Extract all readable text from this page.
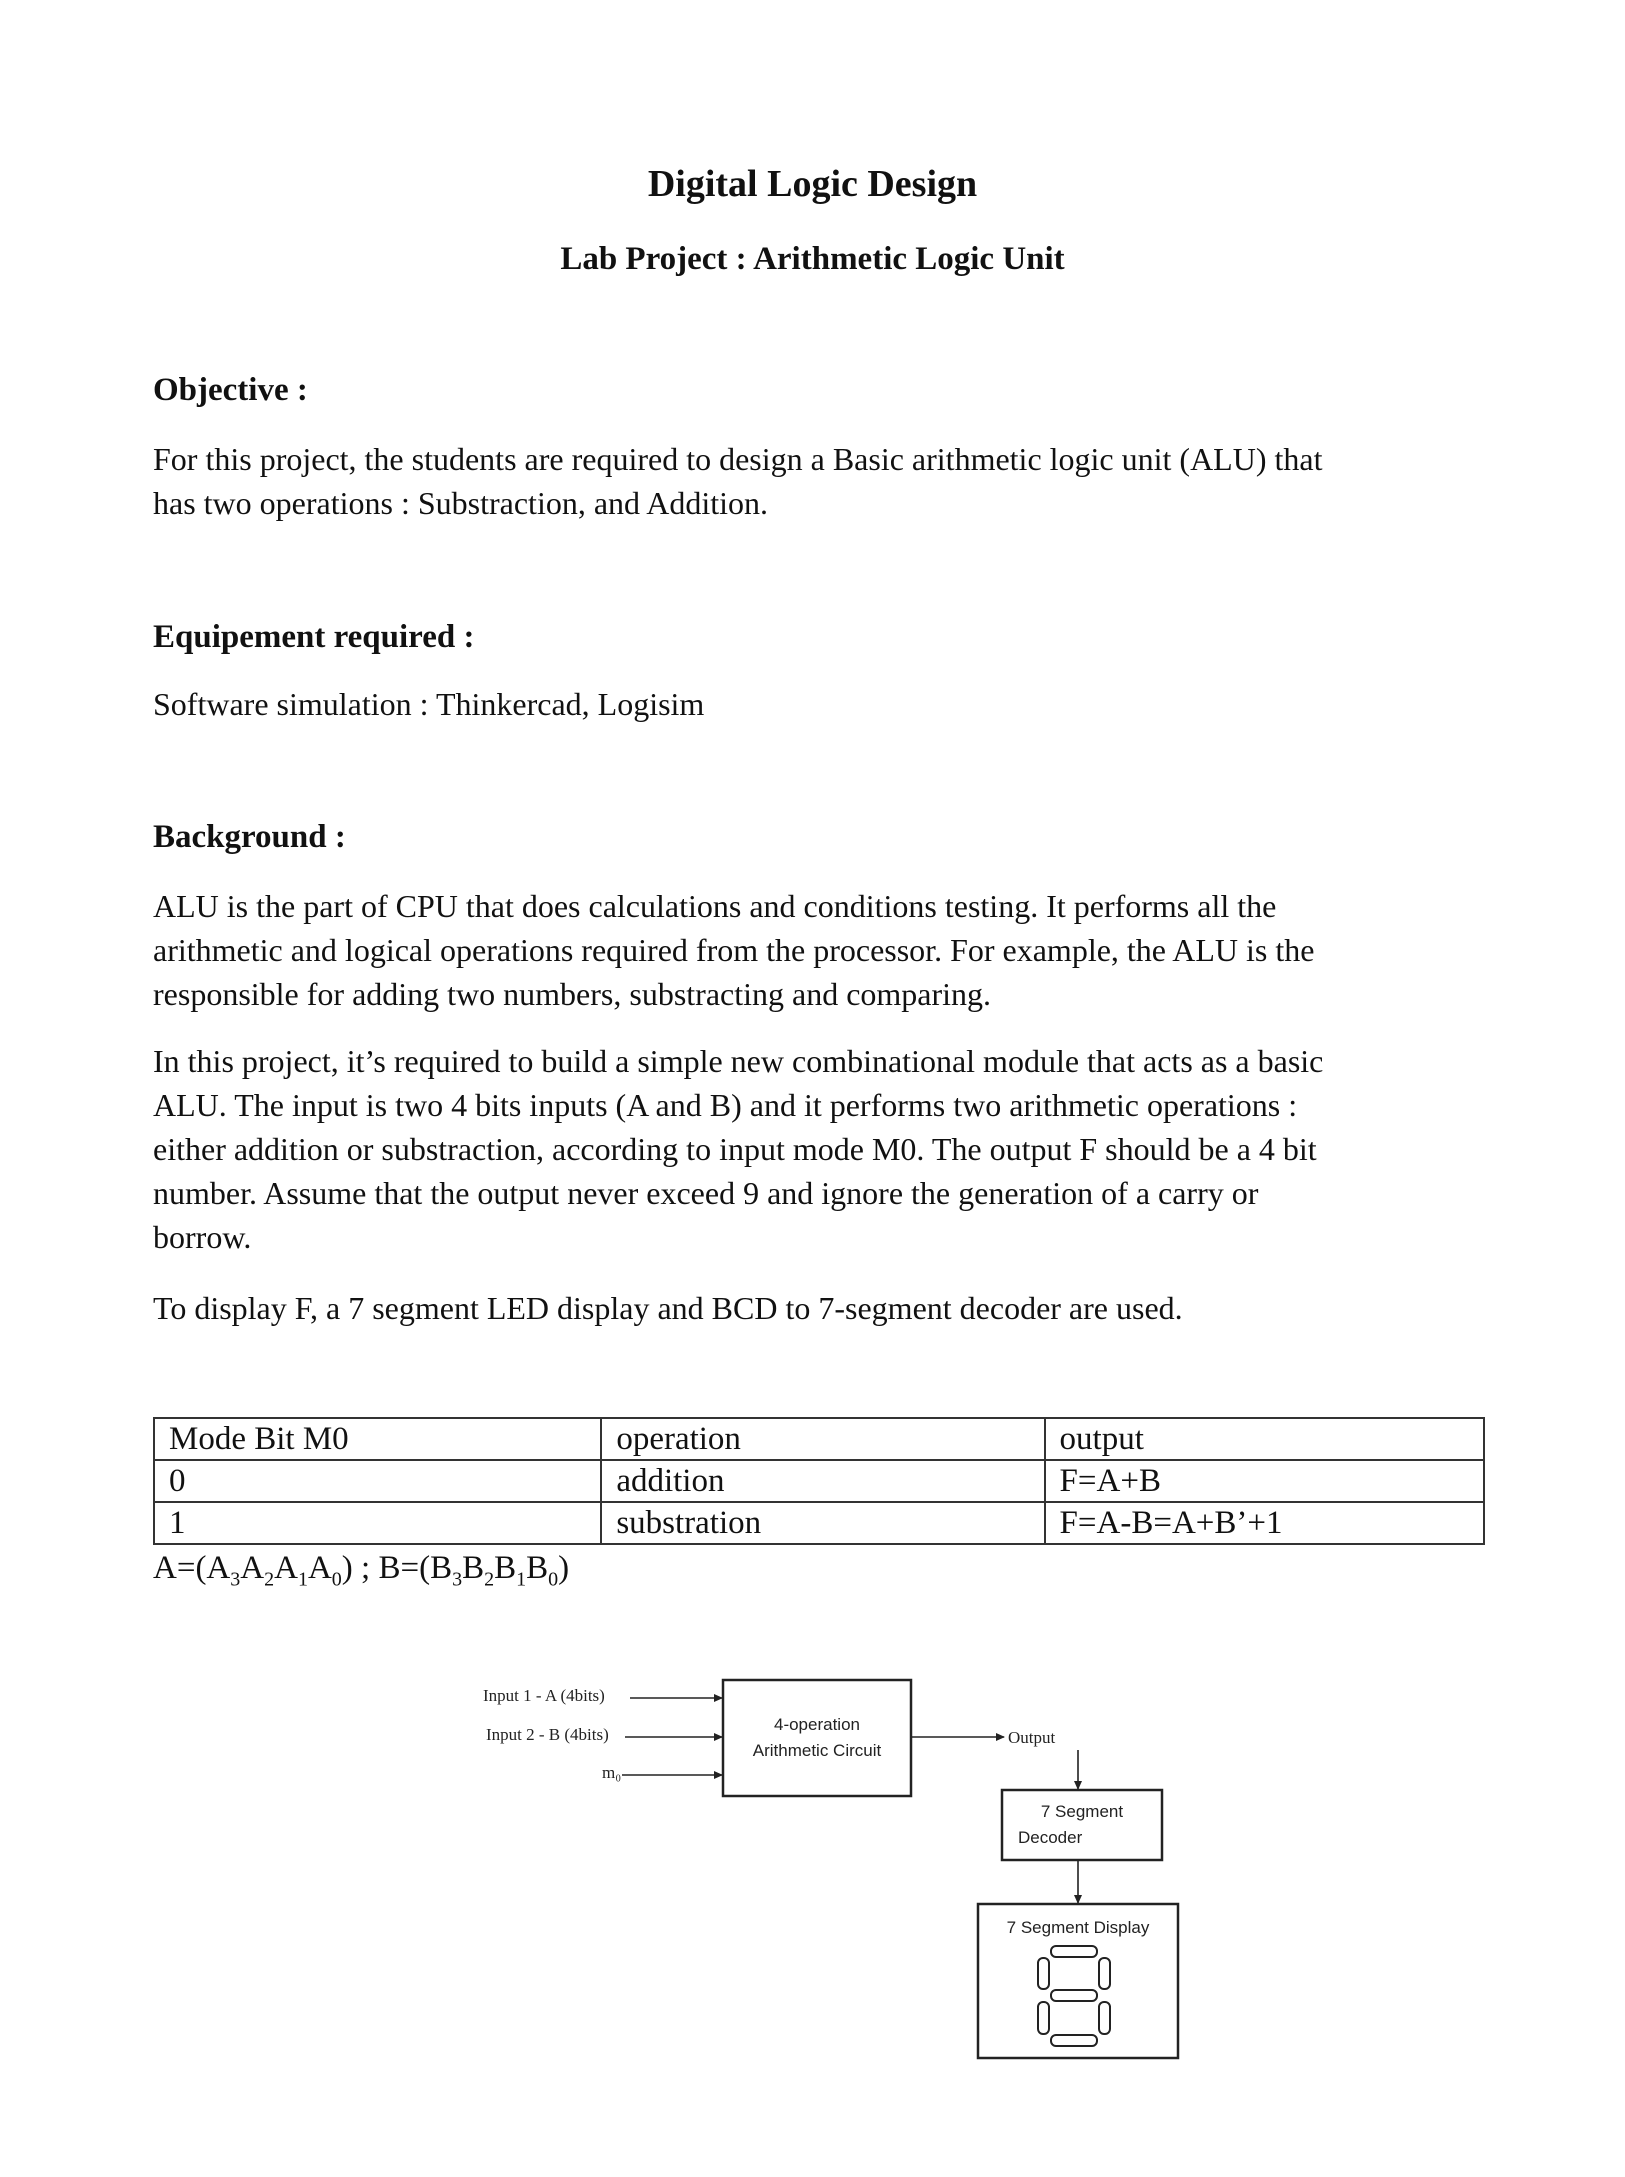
Digital Logic Design
Lab Project : Arithmetic Logic Unit
Objective :
For this project, the students are required to design a Basic arithmetic logic unit (ALU) that
has two operations : Substraction, and Addition.
Equipement required :
Software simulation : Thinkercad, Logisim
Background :
ALU is the part of CPU that does calculations and conditions testing. It performs all the
arithmetic and logical operations required from the processor. For example, the ALU is the
responsible for adding two numbers, substracting and comparing.
In this project, it’s required to build a simple new combinational module that acts as a basic
ALU. The input is two 4 bits inputs (A and B) and it performs two arithmetic operations :
either addition or substraction, according to input mode M0. The output F should be a 4 bit
number. Assume that the output never exceed 9 and ignore the generation of a carry or
borrow.
To display F, a 7 segment LED display and BCD to 7-segment decoder are used.
Mode Bit M0	operation	output
0	addition	F=A+B
1	substration	F=A-B=A+B’+1
$A=(A_3A_2A_1A_0)$ ; $B=(B_3B_2B_1B_0)$
Input 1 - A (4bits)
Input 2 - B (4bits)
m₀
4-operation
Arithmetic Circuit
Output
7 Segment
Decoder
7 Segment Display
